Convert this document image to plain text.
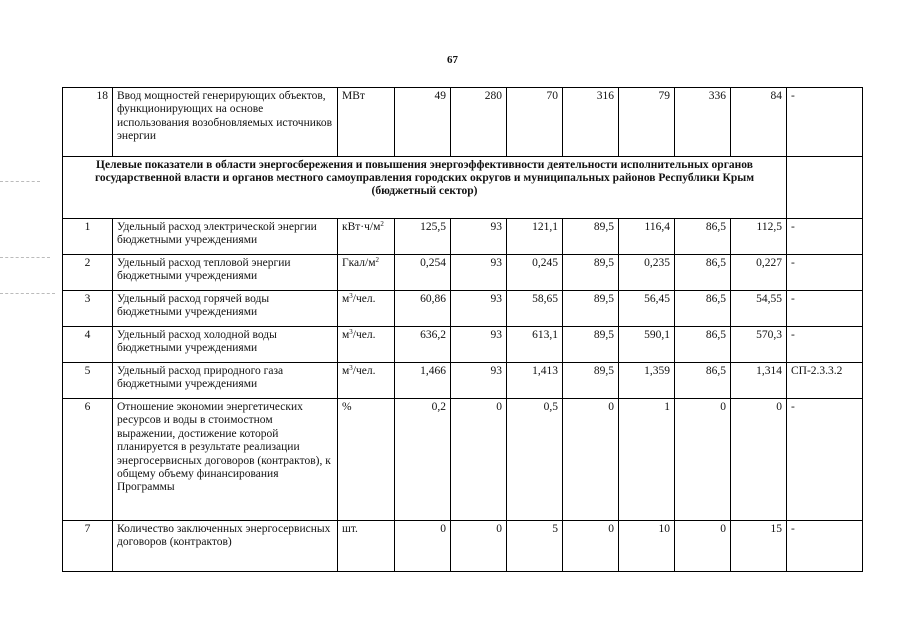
67
18	Ввод мощностей генерирующих объектов, функционирующих на основе использования возобновляемых источников энергии	МВт	49	280	70	316	79	336	84	-

Целевые показатели в области энергосбережения и повышения энергоэффективности деятельности исполнительных органов государственной власти и органов местного самоуправления городских округов и муниципальных районов Республики Крым
(бюджетный сектор)										

1	Удельный расход электрической энергии бюджетными учреждениями	$кВт\cdot ч/м^2$	125,5	93	121,1	89,5	116,4	86,5	112,5	-
2	Удельный расход тепловой энергии бюджетными учреждениями	Гкал/$м^2$	0,254	93	0,245	89,5	0,235	86,5	0,227	-
3	Удельный расход горячей воды бюджетными учреждениями	$м^3$/чел.	60,86	93	58,65	89,5	56,45	86,5	54,55	-
4	Удельный расход холодной воды бюджетными учреждениями	$м^3$/чел.	636,2	93	613,1	89,5	590,1	86,5	570,3	-
5	Удельный расход природного газа бюджетными учреждениями	$м^3$/чел.	1,466	93	1,413	89,5	1,359	86,5	1,314	СП-2.3.3.2
6	Отношение экономии энергетических ресурсов и воды в стоимостном выражении, достижение которой планируется в результате реализации энергосервисных договоров (контрактов), к общему объему финансирования Программы	%	0,2	0	0,5	0	1	0	0	-
7	Количество заключенных энергосервисных договоров (контрактов)	шт.	0	0	5	0	10	0	15	-
